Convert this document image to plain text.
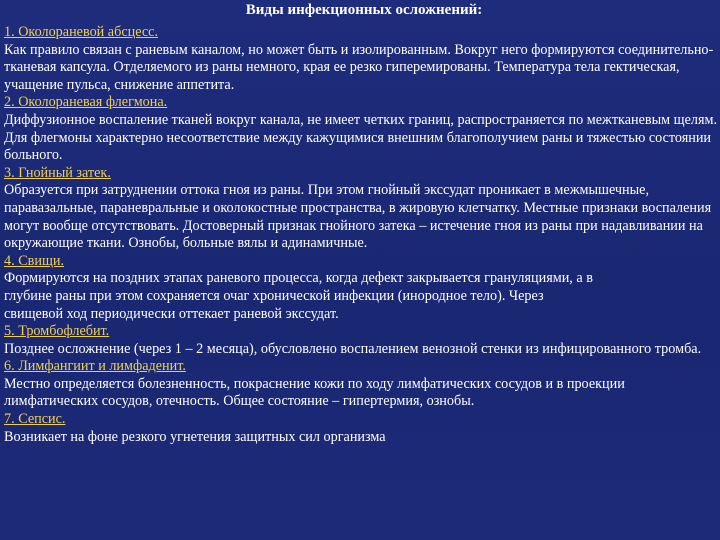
Виды инфекционных осложнений:
1. Околораневой абсцесс.
Как правило связан с раневым каналом, но может быть и изолированным. Вокруг него формируются соединительно-тканевая капсула. Отделяемого из раны немного, края ее резко гиперемированы. Температура тела гектическая, учащение пульса, снижение аппетита.
2. Околораневая флегмона.
Диффузионное воспаление тканей вокруг канала, не имеет четких границ, распространяется по межтканевым щелям. Для флегмоны характерно несоответствие между кажущимися внешним благополучием раны и тяжестью состоянии больного.
3. Гнойный затек.
Образуется при затруднении оттока гноя из раны. При этом гнойный экссудат проникает в межмышечные, паравазальные, параневральные и околокостные пространства, в жировую клетчатку. Местные признаки воспаления могут вообще отсутствовать. Достоверный признак гнойного затека – истечение гноя из раны при надавливании на окружающие ткани. Ознобы, больные вялы и адинамичные.
4. Свищи.
Формируются на поздних этапах раневого процесса, когда дефект закрывается грануляциями, а в
глубине раны при этом сохраняется очаг хронической инфекции (инородное тело). Через
свищевой ход периодически оттекает раневой экссудат.
5. Тромбофлебит.
Позднее осложнение (через 1 – 2 месяца), обусловлено воспалением венозной стенки из инфицированного тромба.
6. Лимфангиит и лимфаденит.
Местно определяется болезненность, покраснение кожи по ходу лимфатических сосудов и в проекции лимфатических сосудов, отечность. Общее состояние – гипертермия, ознобы.
7. Сепсис.
Возникает на фоне резкого угнетения защитных сил организма
